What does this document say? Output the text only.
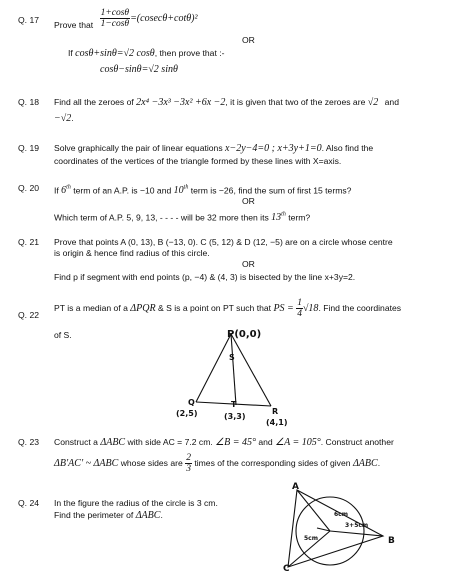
Q. 17	Prove that $\frac{1+\cos\theta}{1-\cos\theta} =(cosec\theta+\cot\theta)^2$
OR
If cosθ+sinθ=√2 cosθ, then prove that :-
cosθ−sinθ=√2 sinθ
Q. 18	Find all the zeroes of 2x⁴ −3x³ −3x² +6x −2, it is given that two of the zeroes are √2 and
−√2.
Q. 19	Solve graphically the pair of linear equations x−2y−4=0 ; x+3y+1=0. Also find the
coordinates of the vertices of the triangle formed by these lines with X=axis.
Q. 20	If 6th term of an A.P. is −10 and 10th term is −26, find the sum of first 15 terms?
OR
Which term of A.P. 5, 9, 13, - - - - will be 32 more then its 13th term?
Q. 21	Prove that points A (0, 13), B (−13, 0). C (5, 12) & D (12, −5) are on a circle whose centre
is origin & hence find radius of this circle.
OR
Find p if segment with end points (p, −4) & (4, 3) is bisected by the line x+3y=2.
Q. 22
PT is a median of a ΔPQR & S is a point on PT such that PS = $\frac{1}{4} √18$. Find the coordinates
of S.	P(0,0)
S
Q
(2,5)
T
(3,3)
R
(4,1)
Q. 23	Construct a ΔABC with side AC = 7.2 cm. ∠B = 45° and ∠A = 105°. Construct another
ΔB′AC′ ~ ΔABC whose sides are $\frac{2}{3}$ times of the corresponding sides of given ΔABC.
Q. 24	In the figure the radius of the circle is 3 cm.
Find the perimeter of ΔABC.
A
B
C
6cm
3+5cm
5cm
